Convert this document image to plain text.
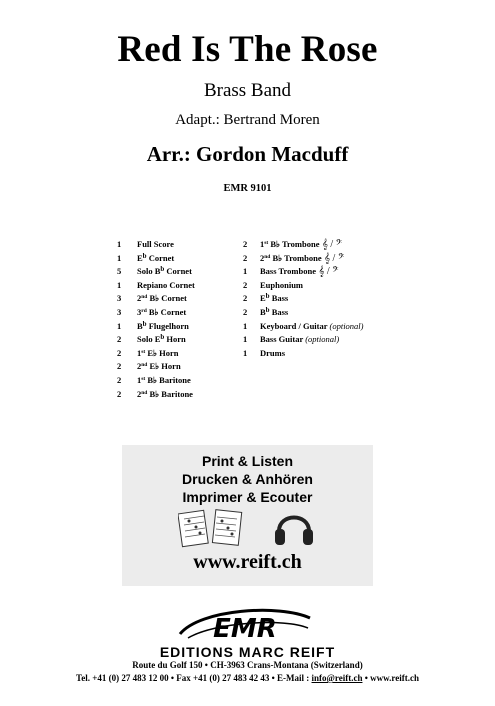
Red Is The Rose
Brass Band
Adapt.: Bertrand Moren
Arr.: Gordon Macduff
EMR 9101
1	Full Score
1	$E^b$ Cornet
5	Solo $B^b$ Cornet
1	Repiano Cornet
3	2nd B♭ Cornet
3	3rd B♭ Cornet
1	$B^b$ Flugelhorn
2	Solo $E^b$ Horn
2	1st E♭ Horn
2	2nd E♭ Horn
2	1st B♭ Baritone
2	2nd B♭ Baritone
2	1st B♭ Trombone 𝄞 / 𝄢
2	2nd B♭ Trombone 𝄞 / 𝄢
1	Bass Trombone 𝄞 / 𝄢
2	Euphonium
2	$E^b$ Bass
2	$B^b$ Bass
1	Keyboard / Guitar (optional)
1	Bass Guitar (optional)
1	Drums
Print & Listen
Drucken & Anhören
Imprimer & Ecouter
www.reift.ch
EMR
EDITIONS MARC REIFT
Route du Golf 150 • CH-3963 Crans-Montana (Switzerland)
Tel. +41 (0) 27 483 12 00 • Fax +41 (0) 27 483 42 43 • E-Mail : info@reift.ch • www.reift.ch
